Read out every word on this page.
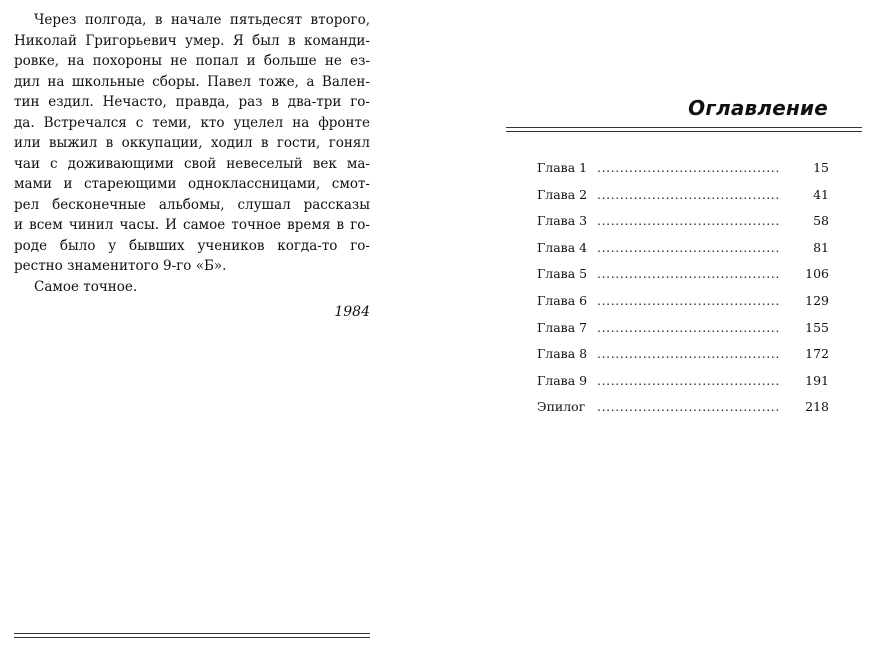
Через полгода, в начале пятьдесят второго,
Николай Григорьевич умер. Я был в команди-
ровке, на похороны не попал и больше не ез-
дил на школьные сборы. Павел тоже, а Вален-
тин ездил. Нечасто, правда, раз в два-три го-
да. Встречался с теми, кто уцелел на фронте
или выжил в оккупации, ходил в гости, гонял
чаи с доживающими свой невеселый век ма-
мами и стареющими одноклассницами, смот-
рел бесконечные альбомы, слушал рассказы
и всем чинил часы. И самое точное время в го-
роде было у бывших учеников когда-то го-
рестно знаменитого 9-го «Б».
Самое точное.
1984
Оглавление
Глава 1 ........................................	15
Глава 2 ........................................	41
Глава 3 ........................................	58
Глава 4 ........................................	81
Глава 5 ........................................	106
Глава 6 ........................................	129
Глава 7 ........................................	155
Глава 8 ........................................	172
Глава 9 ........................................	191
Эпилог ........................................	218
